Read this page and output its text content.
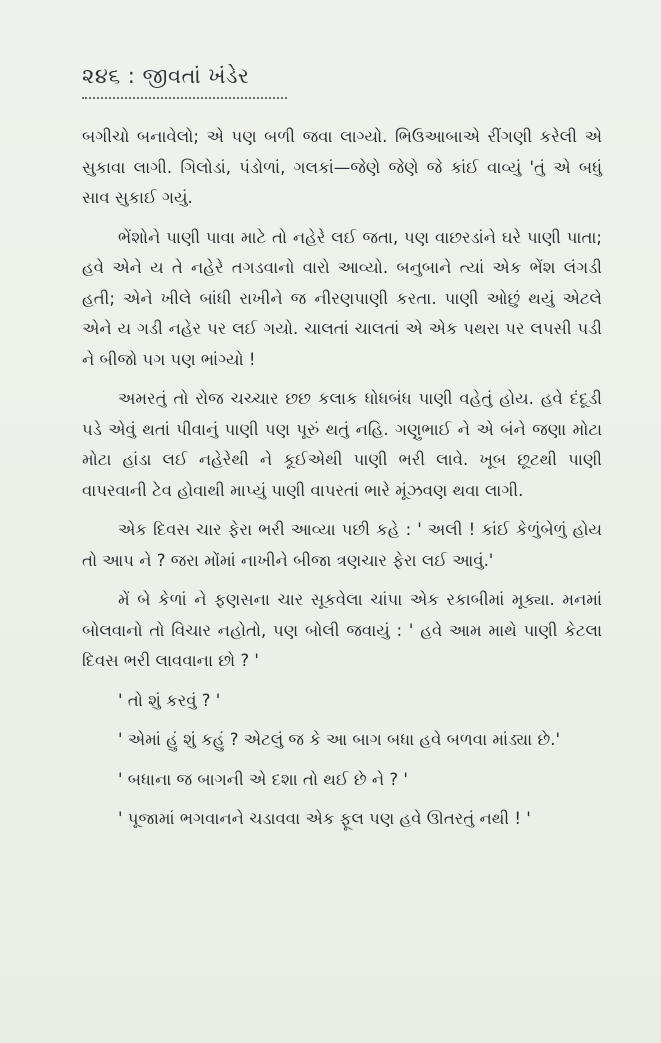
૨૪૬ : જીવતાં ખંડેર

બગીચો બનાવેલો; એ પણ બળી જવા લાગ્યો. ભિઉઆબાએ રીંગણી કરેલી એ સુકાવા લાગી. ગિલોડાં, પંડોળાં, ગલકાં—જેણે જેણે જે કાંઈ વાવ્યું 'તું એ બધું સાવ સુકાઈ ગયું.

ભેંશોને પાણી પાવા માટે તો નહેરે લઈ જતા, પણ વાછરડાંને ઘરે પાણી પાતા; હવે એને ય તે નહેરે તગડવાનો વારો આવ્યો. બનુબાને ત્યાં એક ભેંશ લંગડી હતી; એને ખીલે બાંધી રાખીને જ નીરણપાણી કરતા. પાણી ઓછું થયું એટલે એને ય ગડી નહેર પર લઈ ગયો. ચાલતાં ચાલતાં એ એક પથરા પર લપસી પડી ને બીજો પગ પણ ભાંગ્યો !

અમરતું તો રોજ ચચ્ચાર છછ કલાક ધોધબંધ પાણી વહેતું હોય. હવે દંદૂડી પડે એવું થતાં પીવાનું પાણી પણ પૂરું થતું નહિ. ગણુભાઈ ને એ બંને જણા મોટા મોટા હાંડા લઈ નહેરેથી ને કૂઈએથી પાણી ભરી લાવે. ખૂબ છૂટથી પાણી વાપરવાની ટેવ હોવાથી માપ્યું પાણી વાપરતાં ભારે મૂંઝવણ થવા લાગી.

એક દિવસ ચાર ફેરા ભરી આવ્યા પછી કહે : ' અલી ! કાંઈ કેળુંબેળું હોય તો આપ ને ? જરા મોંમાં નાખીને બીજા ત્રણચાર ફેરા લઈ આવું.'

મેં બે કેળાં ને ફણસના ચાર સૂકવેલા ચાંપા એક રકાબીમાં મૂક્યા. મનમાં બોલવાનો તો વિચાર નહોતો, પણ બોલી જવાયું : ' હવે આમ માથે પાણી કેટલા દિવસ ભરી લાવવાના છો ? '

' તો શું કરવું ? '

' એમાં હું શું કહું ? એટલું જ કે આ બાગ બધા હવે બળવા માંડ્યા છે.'

' બધાના જ બાગની એ દશા તો થઈ છે ને ? '

' પૂજામાં ભગવાનને ચડાવવા એક ફૂલ પણ હવે ઊતરતું નથી ! '
